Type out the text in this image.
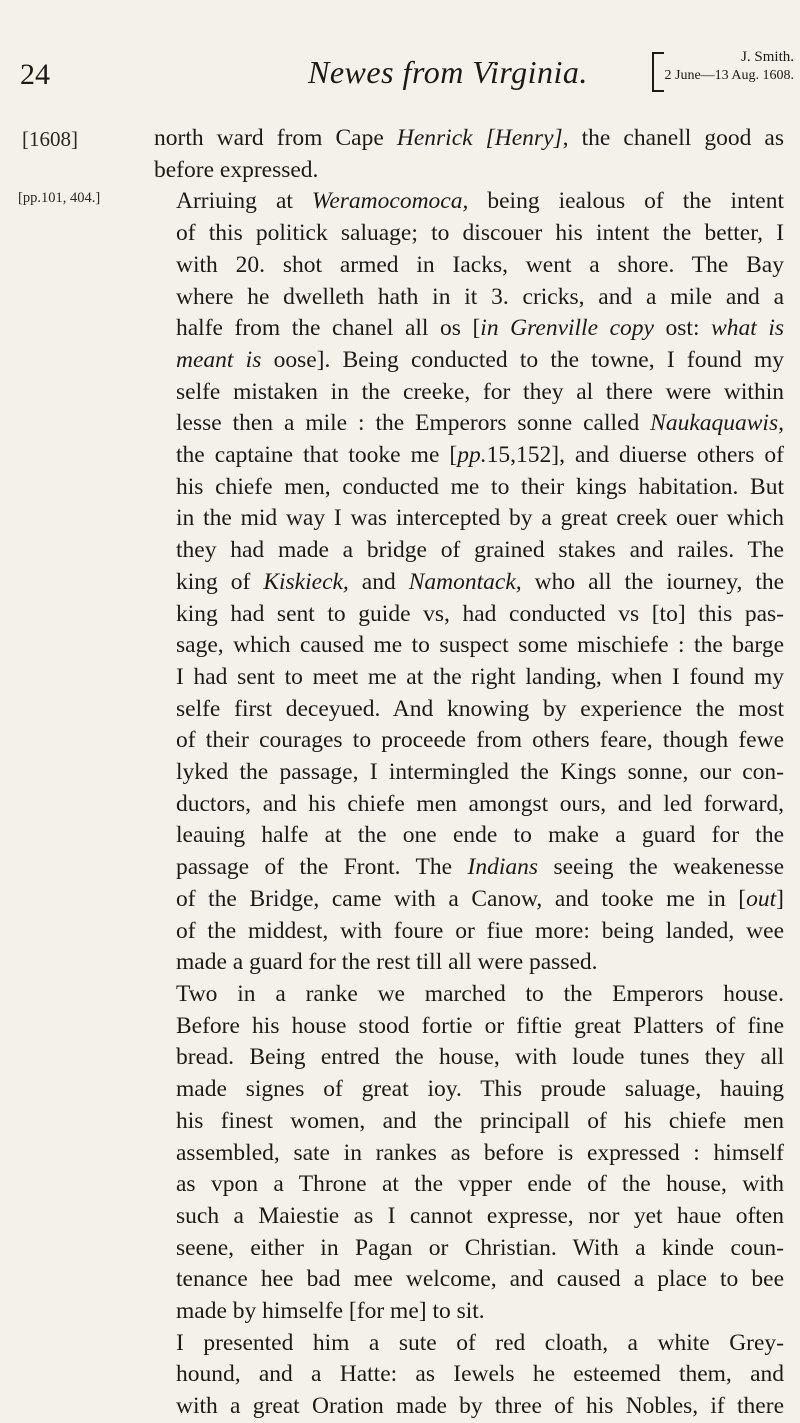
24	Newes from Virginia.	J. Smith.
2 June—13 Aug. 1608.
[1608]
[pp.101, 404.]

north ward from Cape Henrick [Henry], the chanell good as
before expressed.

Arriuing at Weramocomoca, being iealous of the intent
of this politick saluage; to discouer his intent the better, I
with 20. shot armed in Iacks, went a shore. The Bay
where he dwelleth hath in it 3. cricks, and a mile and a
halfe from the chanel all os [in Grenville copy ost: what is
meant is oose]. Being conducted to the towne, I found my
selfe mistaken in the creeke, for they al there were within
lesse then a mile : the Emperors sonne called Naukaquawis,
the captaine that tooke me [pp.15,152], and diuerse others of
his chiefe men, conducted me to their kings habitation. But
in the mid way I was intercepted by a great creek ouer which
they had made a bridge of grained stakes and railes. The
king of Kiskieck, and Namontack, who all the iourney, the
king had sent to guide vs, had conducted vs [to] this pas-
sage, which caused me to suspect some mischiefe : the barge
I had sent to meet me at the right landing, when I found my
selfe first deceyued. And knowing by experience the most
of their courages to proceede from others feare, though fewe
lyked the passage, I intermingled the Kings sonne, our con-
ductors, and his chiefe men amongst ours, and led forward,
leauing halfe at the one ende to make a guard for the
passage of the Front. The Indians seeing the weakenesse
of the Bridge, came with a Canow, and tooke me in [out]
of the middest, with foure or fiue more: being landed, wee
made a guard for the rest till all were passed.

Two in a ranke we marched to the Emperors house.
Before his house stood fortie or fiftie great Platters of fine
bread. Being entred the house, with loude tunes they all
made signes of great ioy. This proude saluage, hauing
his finest women, and the principall of his chiefe men
assembled, sate in rankes as before is expressed : himself
as vpon a Throne at the vpper ende of the house, with
such a Maiestie as I cannot expresse, nor yet haue often
seene, either in Pagan or Christian. With a kinde coun-
tenance hee bad mee welcome, and caused a place to bee
made by himselfe [for me] to sit.

I presented him a sute of red cloath, a white Grey-
hound, and a Hatte: as Iewels he esteemed them, and
with a great Oration made by three of his Nobles, if there
